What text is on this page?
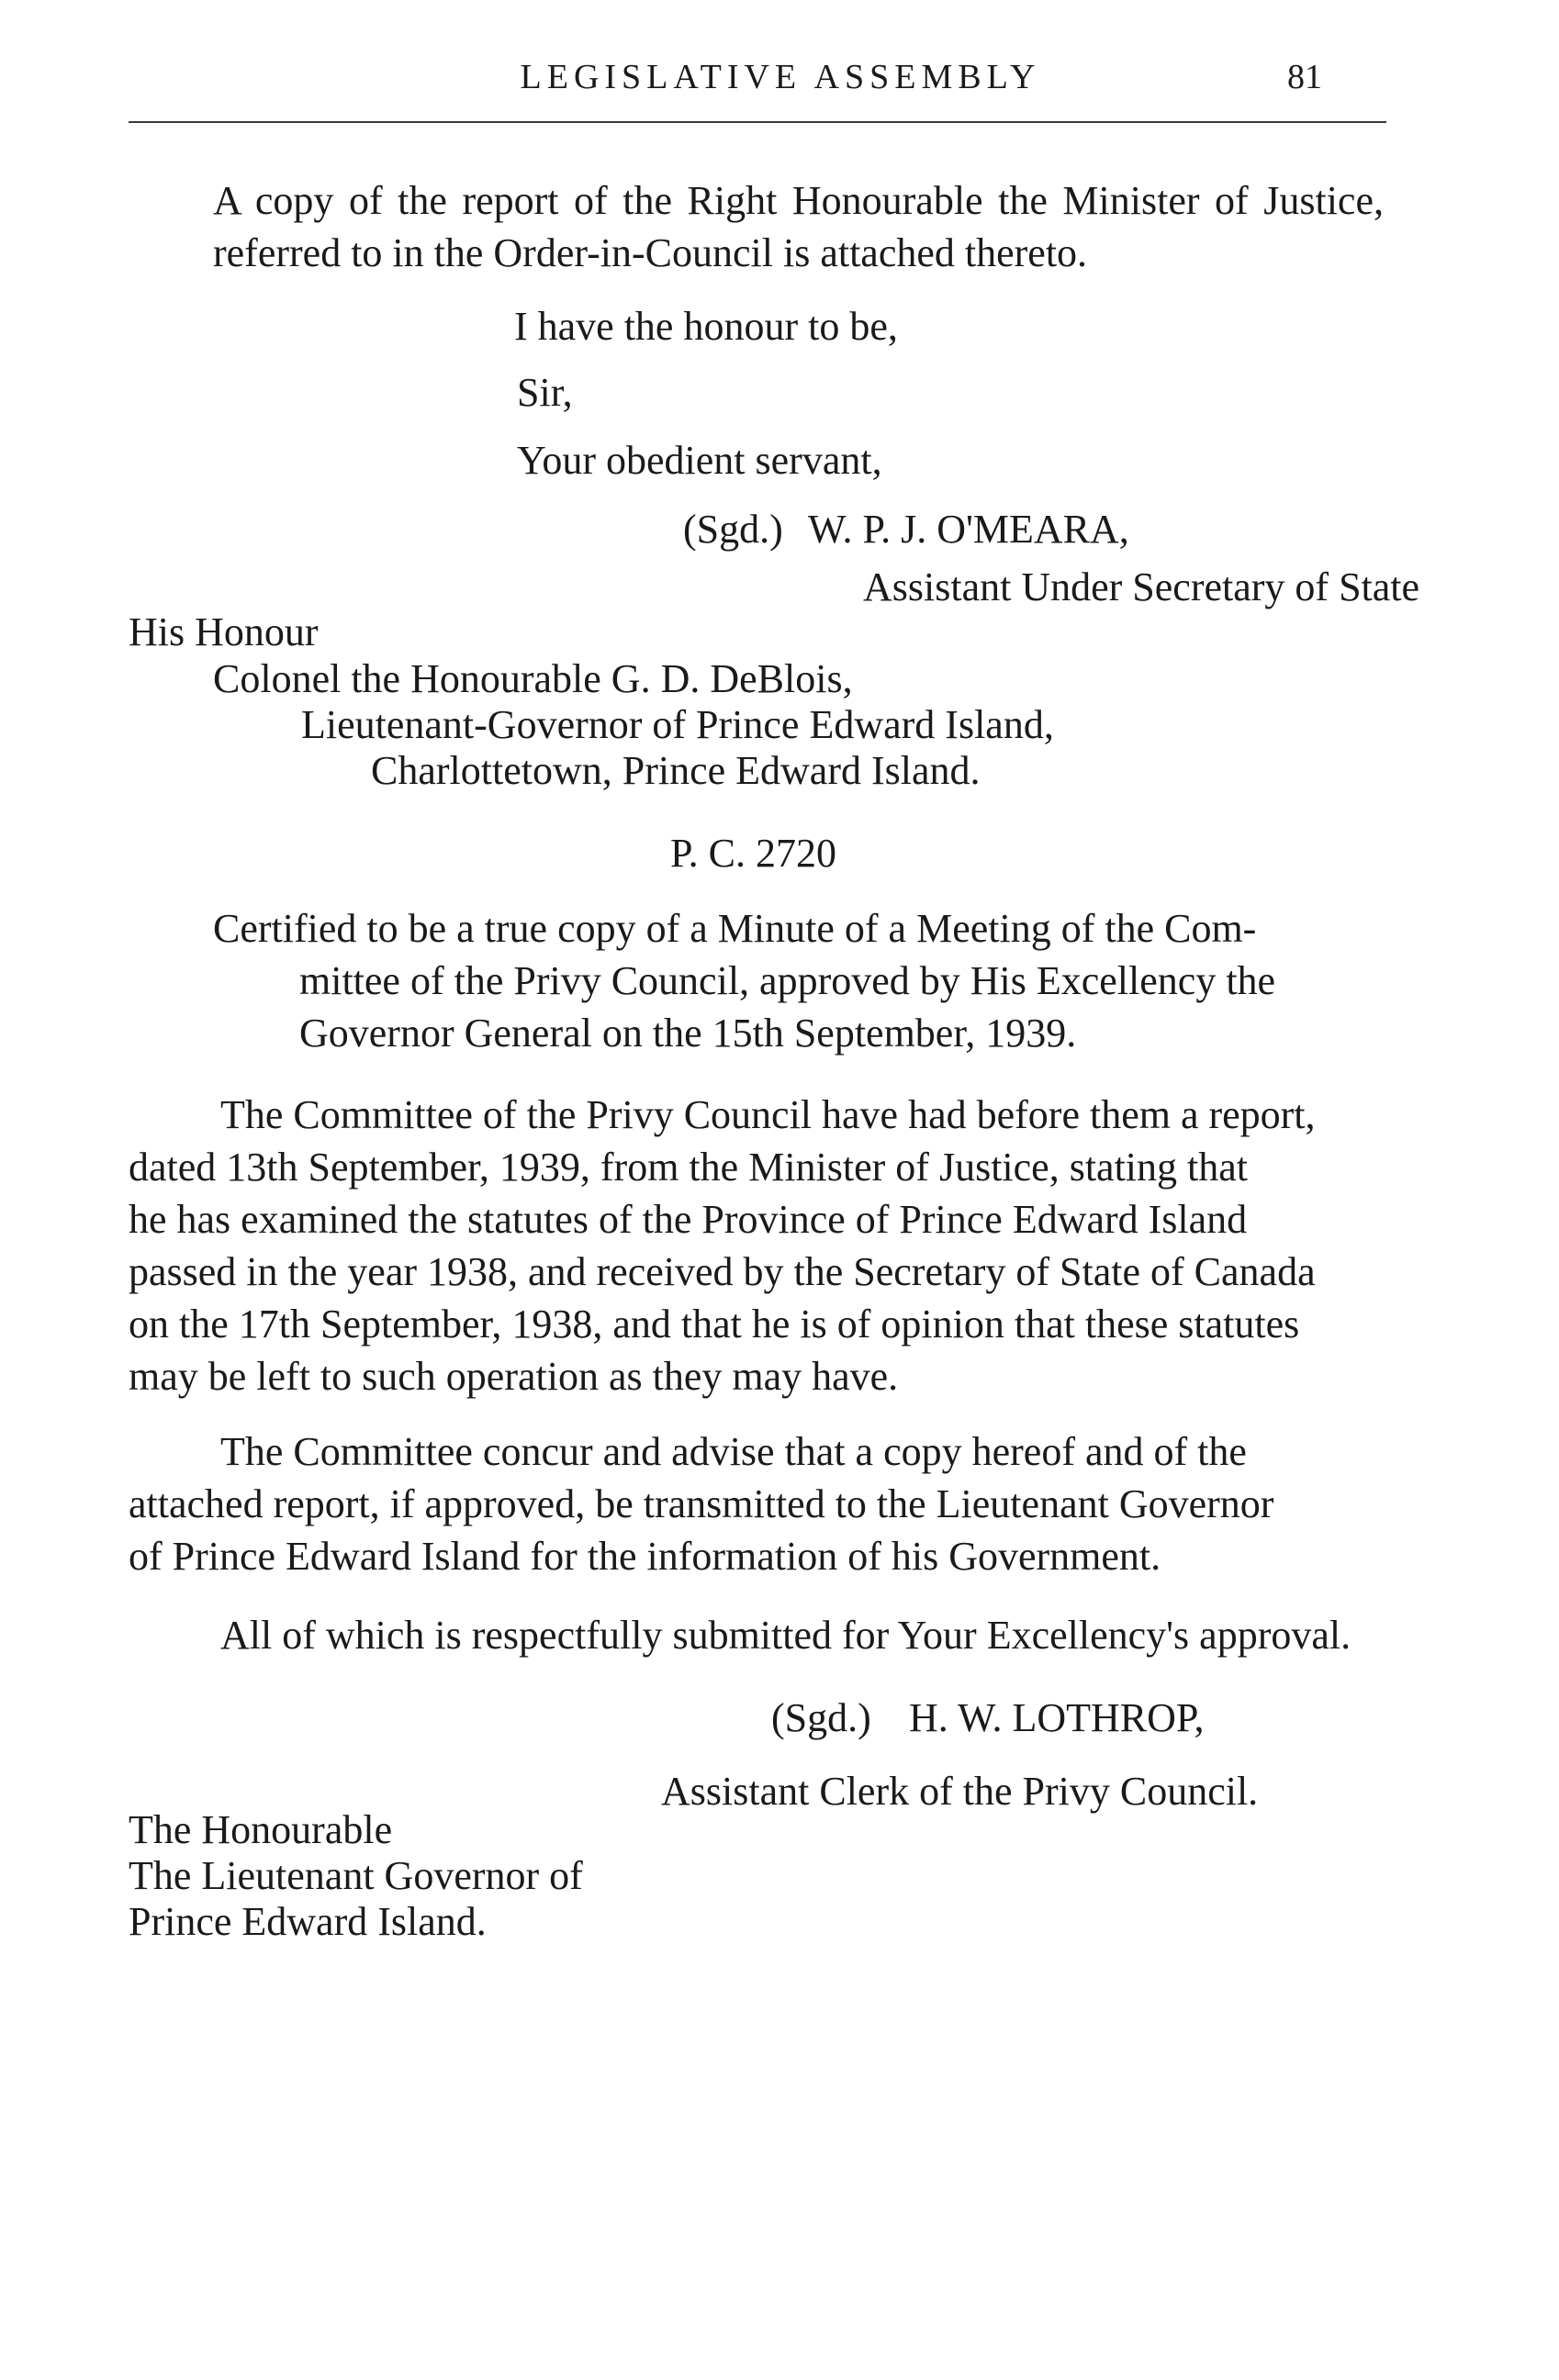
LEGISLATIVE ASSEMBLY	81

A copy of the report of the Right Honourable the Minister of Justice, referred to in the Order-in-Council is attached thereto.

I have the honour to be,
Sir,
Your obedient servant,
(Sgd.) W. P. J. O'MEARA,
Assistant Under Secretary of State
His Honour
Colonel the Honourable G. D. DeBlois,
Lieutenant-Governor of Prince Edward Island,
Charlottetown, Prince Edward Island.
P. C. 2720
Certified to be a true copy of a Minute of a Meeting of the Com-
mittee of the Privy Council, approved by His Excellency the
Governor General on the 15th September, 1939.
The Committee of the Privy Council have had before them a report,
dated 13th September, 1939, from the Minister of Justice, stating that
he has examined the statutes of the Province of Prince Edward Island
passed in the year 1938, and received by the Secretary of State of Canada
on the 17th September, 1938, and that he is of opinion that these statutes
may be left to such operation as they may have.
The Committee concur and advise that a copy hereof and of the
attached report, if approved, be transmitted to the Lieutenant Governor
of Prince Edward Island for the information of his Government.
All of which is respectfully submitted for Your Excellency's approval.
(Sgd.) H. W. LOTHROP,
Assistant Clerk of the Privy Council.
The Honourable
The Lieutenant Governor of
Prince Edward Island.
